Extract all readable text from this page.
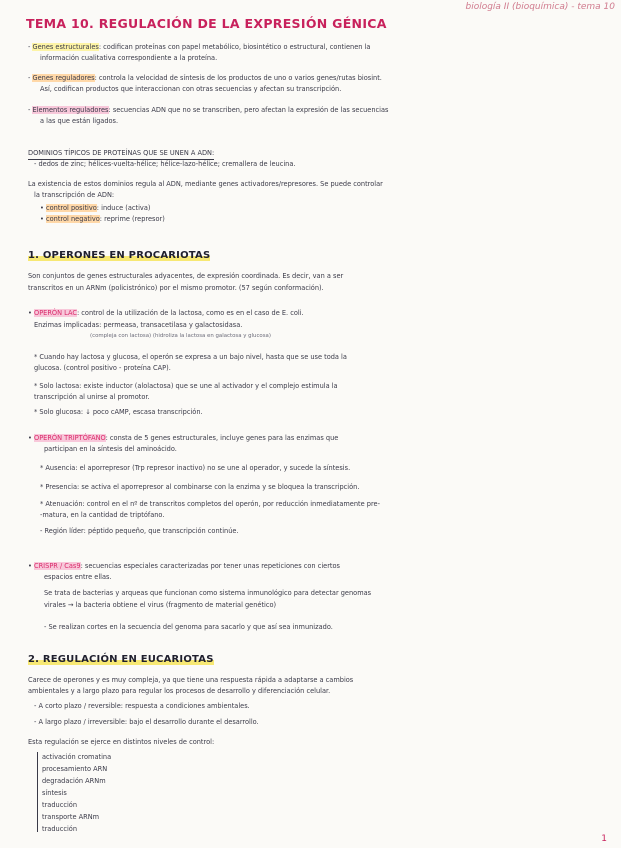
biología II (bioquímica) - tema 10
TEMA 10. REGULACIÓN DE LA EXPRESIÓN GÉNICA
- Genes estructurales: codifican proteínas con papel metabólico, biosintético o estructural, contienen la
información cualitativa correspondiente a la proteína.
- Genes reguladores: controla la velocidad de síntesis de los productos de uno o varios genes/rutas biosint.
Así, codifican productos que interaccionan con otras secuencias y afectan su transcripción.
- Elementos reguladores: secuencias ADN que no se transcriben, pero afectan la expresión de las secuencias
a las que están ligados.
DOMINIOS TÍPICOS DE PROTEÍNAS QUE SE UNEN A ADN:
- dedos de zinc; hélices-vuelta-hélice; hélice-lazo-hélice; cremallera de leucina.
La existencia de estos dominios regula al ADN, mediante genes activadores/represores. Se puede controlar
la transcripción de ADN:
• control positivo: induce (activa)
• control negativo: reprime (represor)
1. OPERONES EN PROCARIOTAS
Son conjuntos de genes estructurales adyacentes, de expresión coordinada. Es decir, van a ser
transcritos en un ARNm (policistrónico) por el mismo promotor. (57 según conformación).
• OPERÓN LAC: control de la utilización de la lactosa, como es en el caso de E. coli.
Enzimas implicadas: permeasa, transacetilasa y galactosidasa.
(compleja con lactosa) (hidroliza la lactosa en galactosa y glucosa)
* Cuando hay lactosa y glucosa, el operón se expresa a un bajo nivel, hasta que se use toda la
glucosa. (control positivo - proteína CAP).
* Solo lactosa: existe inductor (alolactosa) que se une al activador y el complejo estimula la
transcripción al unirse al promotor.
* Solo glucosa: ↓ poco cAMP, escasa transcripción.
• OPERÓN TRIPTÓFANO: consta de 5 genes estructurales, incluye genes para las enzimas que
participan en la síntesis del aminoácido.
* Ausencia: el aporrepresor (Trp represor inactivo) no se une al operador, y sucede la síntesis.
* Presencia: se activa el aporrepresor al combinarse con la enzima y se bloquea la transcripción.
* Atenuación: control en el nº de transcritos completos del operón, por reducción inmediatamente pre-
-matura, en la cantidad de triptófano.
- Región líder: péptido pequeño, que transcripción continúe.
• CRISPR / Cas9: secuencias especiales caracterizadas por tener unas repeticiones con ciertos
espacios entre ellas.
Se trata de bacterias y arqueas que funcionan como sistema inmunológico para detectar genomas
virales → la bacteria obtiene el virus (fragmento de material genético)
- Se realizan cortes en la secuencia del genoma para sacarlo y que así sea inmunizado.
2. REGULACIÓN EN EUCARIOTAS
Carece de operones y es muy compleja, ya que tiene una respuesta rápida a adaptarse a cambios
ambientales y a largo plazo para regular los procesos de desarrollo y diferenciación celular.
- A corto plazo / reversible: respuesta a condiciones ambientales.
- A largo plazo / irreversible: bajo el desarrollo durante el desarrollo.
Esta regulación se ejerce en distintos niveles de control:
activación cromatina
procesamiento ARN
degradación ARNm
síntesis
traducción
transporte ARNm
traducción
1
